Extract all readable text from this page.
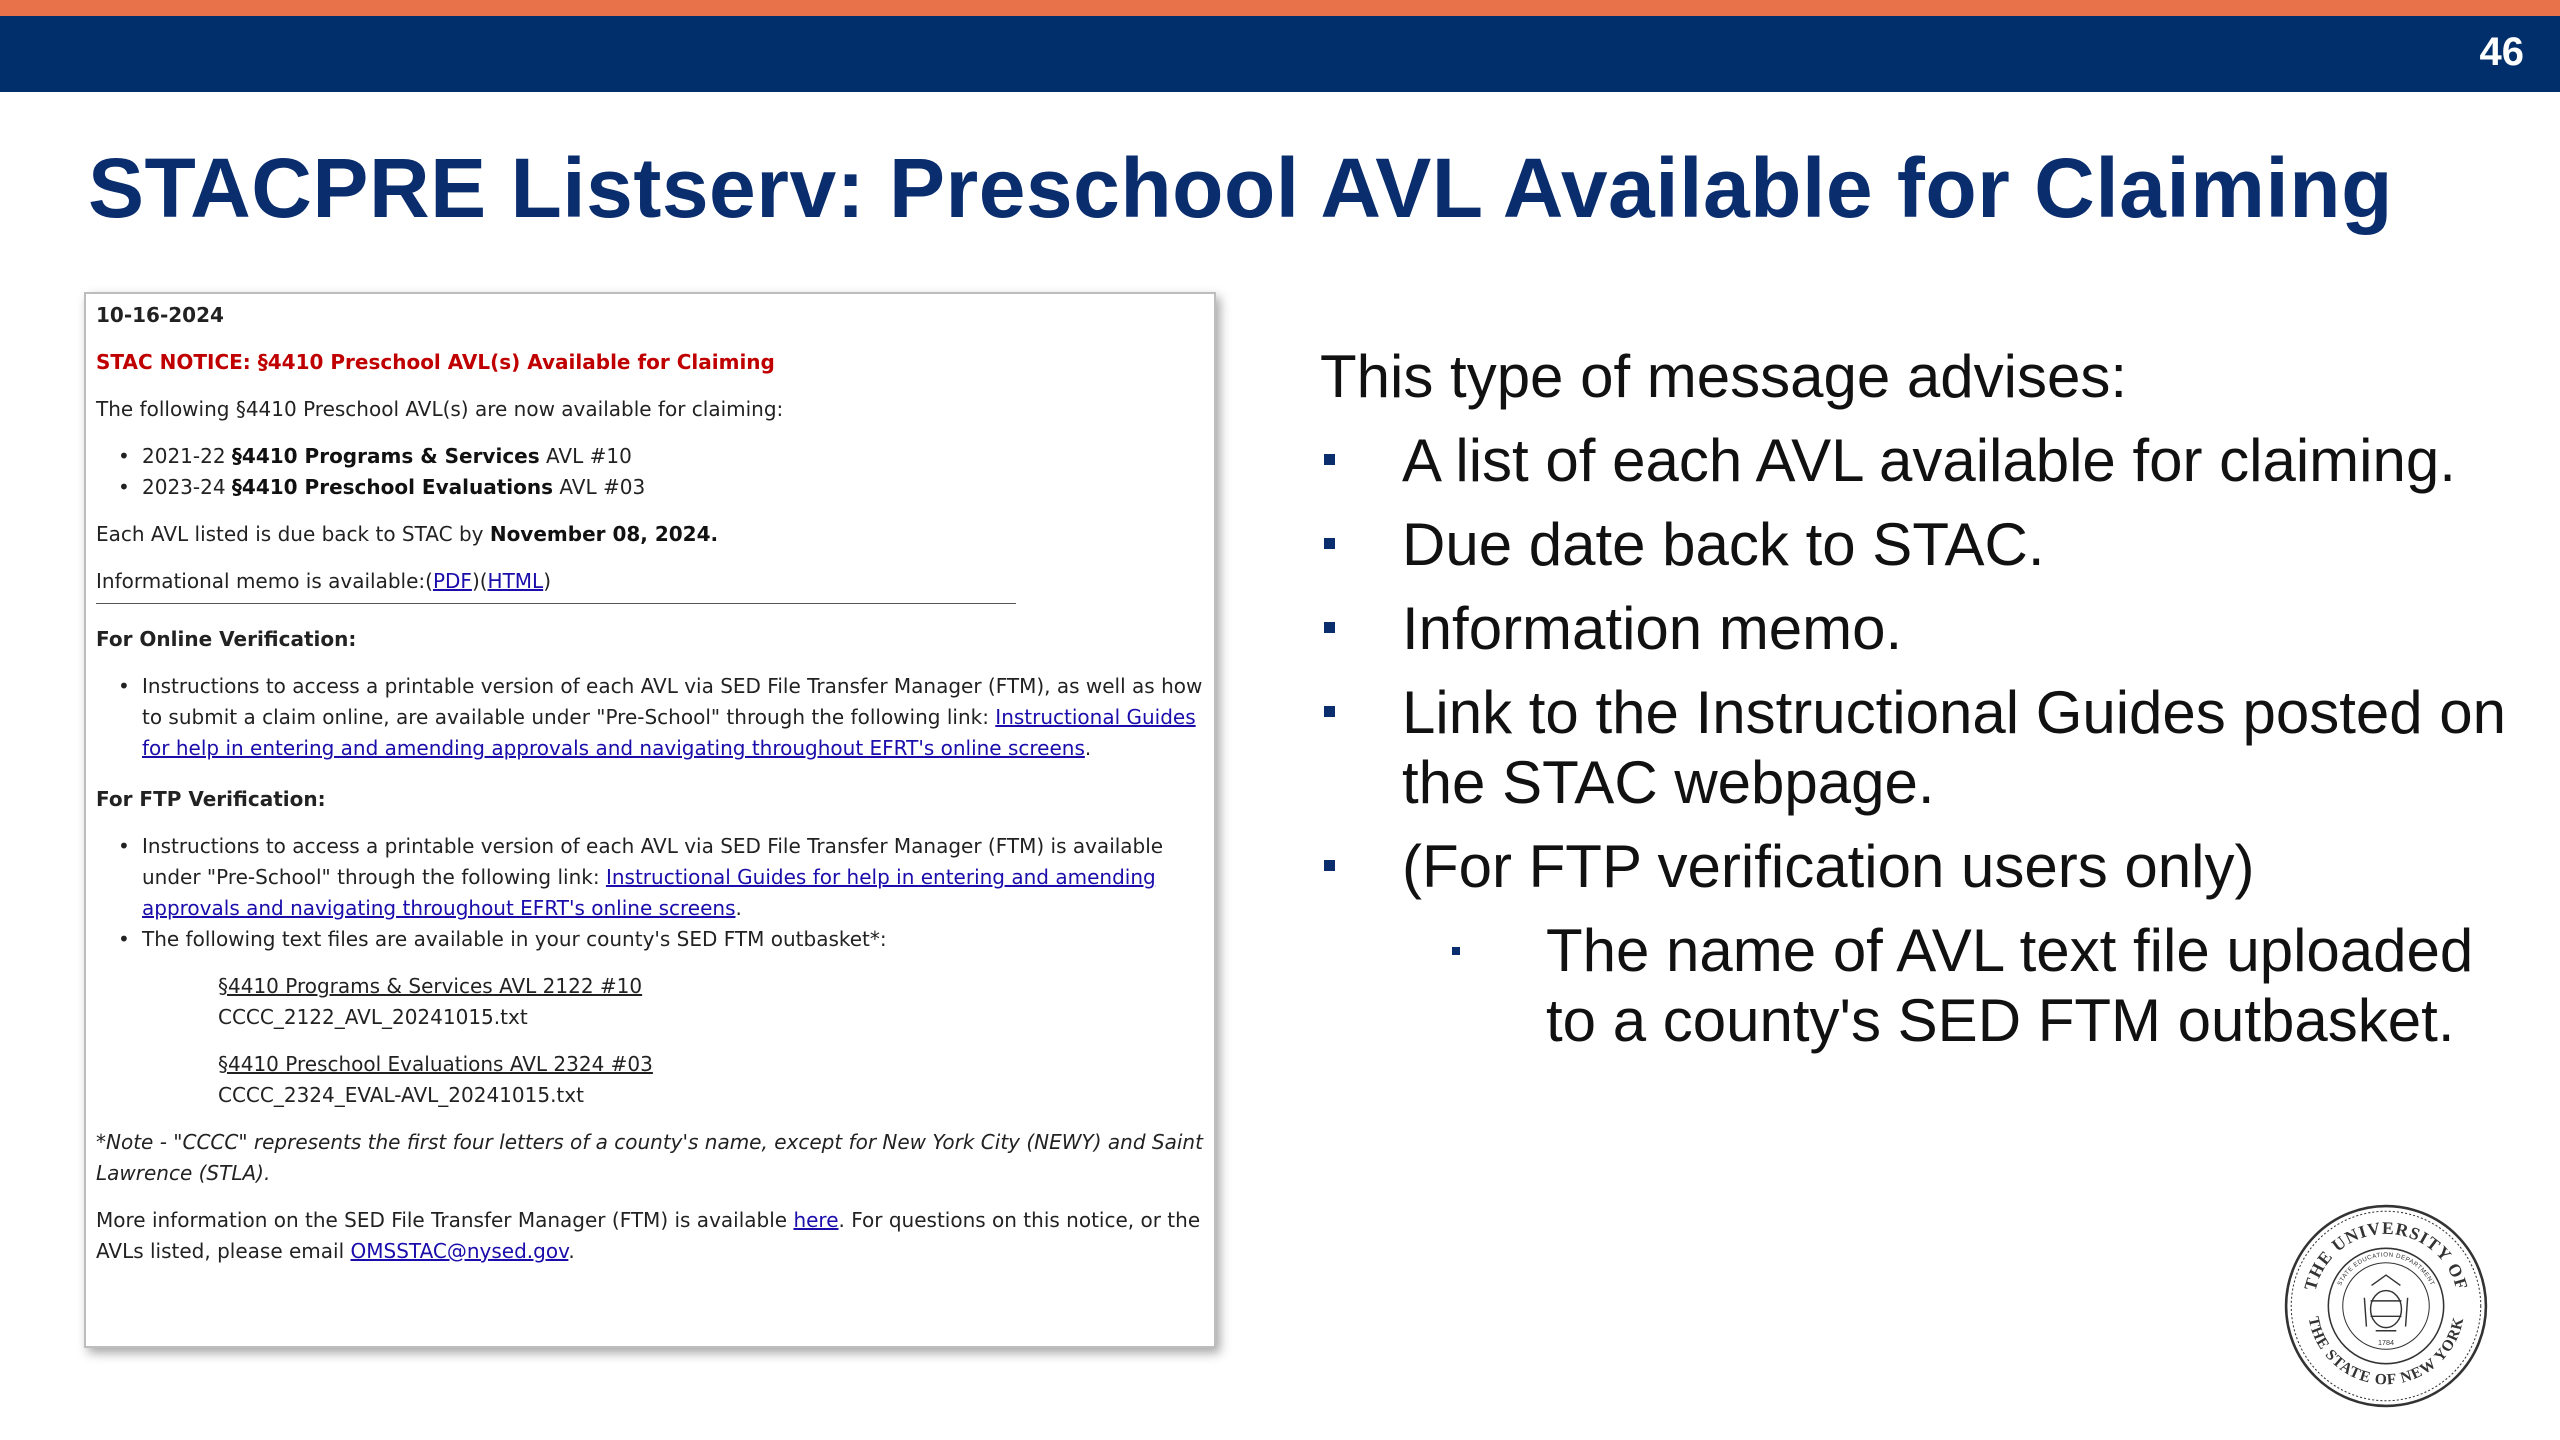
46
STACPRE Listserv: Preschool AVL Available for Claiming

10-16-2024

STAC NOTICE: §4410 Preschool AVL(s) Available for Claiming

The following §4410 Preschool AVL(s) are now available for claiming:

• 2021-22 §4410 Programs & Services AVL #10
• 2023-24 §4410 Preschool Evaluations AVL #03

Each AVL listed is due back to STAC by November 08, 2024.

Informational memo is available:(PDF)(HTML)

For Online Verification:

• Instructions to access a printable version of each AVL via SED File Transfer Manager (FTM), as well as how to submit a claim online, are available under "Pre-School" through the following link: Instructional Guides for help in entering and amending approvals and navigating throughout EFRT's online screens.

For FTP Verification:

• Instructions to access a printable version of each AVL via SED File Transfer Manager (FTM) is available under "Pre-School" through the following link: Instructional Guides for help in entering and amending approvals and navigating throughout EFRT's online screens.
• The following text files are available in your county's SED FTM outbasket*:
§4410 Programs & Services AVL 2122 #10
CCCC_2122_AVL_20241015.txt
§4410 Preschool Evaluations AVL 2324 #03
CCCC_2324_EVAL-AVL_20241015.txt

*Note - "CCCC" represents the first four letters of a county's name, except for New York City (NEWY) and Saint Lawrence (STLA).

More information on the SED File Transfer Manager (FTM) is available here. For questions on this notice, or the AVLs listed, please email OMSSTAC@nysed.gov.

This type of message advises:

A list of each AVL available for claiming.
Due date back to STAC.
Information memo.
Link to the Instructional Guides posted on the STAC webpage.
(For FTP verification users only)
The name of AVL text file uploaded to a county's SED FTM outbasket.
THE UNIVERSITY OF
THE STATE OF NEW YORK
STATE EDUCATION DEPARTMENT
1784
